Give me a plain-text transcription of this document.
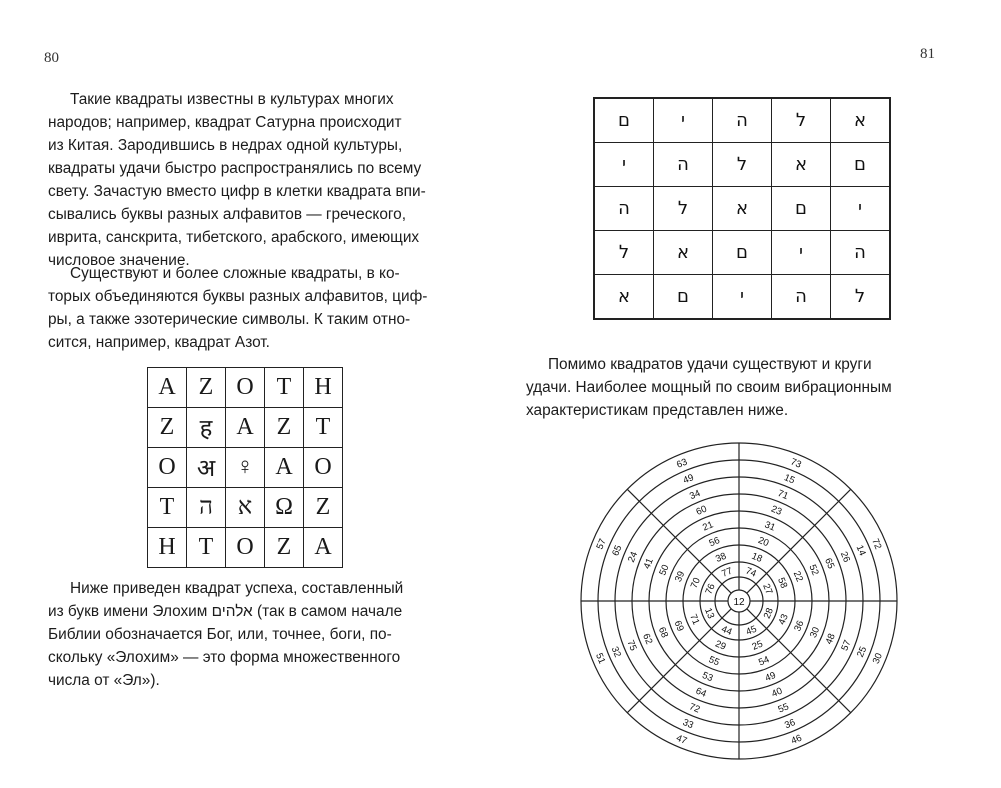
80

Такие квадраты известны в культурах многих
народов; например, квадрат Сатурна происходит
из Китая. Зародившись в недрах одной культуры,
квадраты удачи быстро распространялись по всему
свету. Зачастую вместо цифр в клетки квадрата впи-
сывались буквы разных алфавитов — греческого,
иврита, санскрита, тибетского, арабского, имеющих
числовое значение.

Существуют и более сложные квадраты, в ко-
торых объединяются буквы разных алфавитов, циф-
ры, а также эзотерические символы. К таким отно-
сится, например, квадрат Азот.

A	Z	O	T	H
Z	ह	A	Z	T
O	अ	♀	A	O
T	ה	א	Ω	Z
H	T	O	Z	A

Ниже приведен квадрат успеха, составленный
из букв имени Элохим אלהים (так в самом начале
Библии обозначается Бог, или, точнее, боги, по-
скольку «Элохим» — это форма множественного
числа от «Эл»).

81
ם	י	ה	ל	א
י	ה	ל	א	ם
ה	ל	א	ם	י
ל	א	ם	י	ה
א	ם	י	ה	ל

Помимо квадратов удачи существуют и круги
удачи. Наиболее мощный по своим вибрационным
характеристикам представлен ниже.

12
74
27
28
45
44
13
76
77
18
58
43
25
29
71
70
38
20
22
36
54
55
69
39
56
31
52
30
49
53
68
50
21
23
65
48
40
64
62
41
60
71
26
57
55
72
75
24
34
15
14
25
36
33
32
65
49
73
72
30
46
47
51
57
63
